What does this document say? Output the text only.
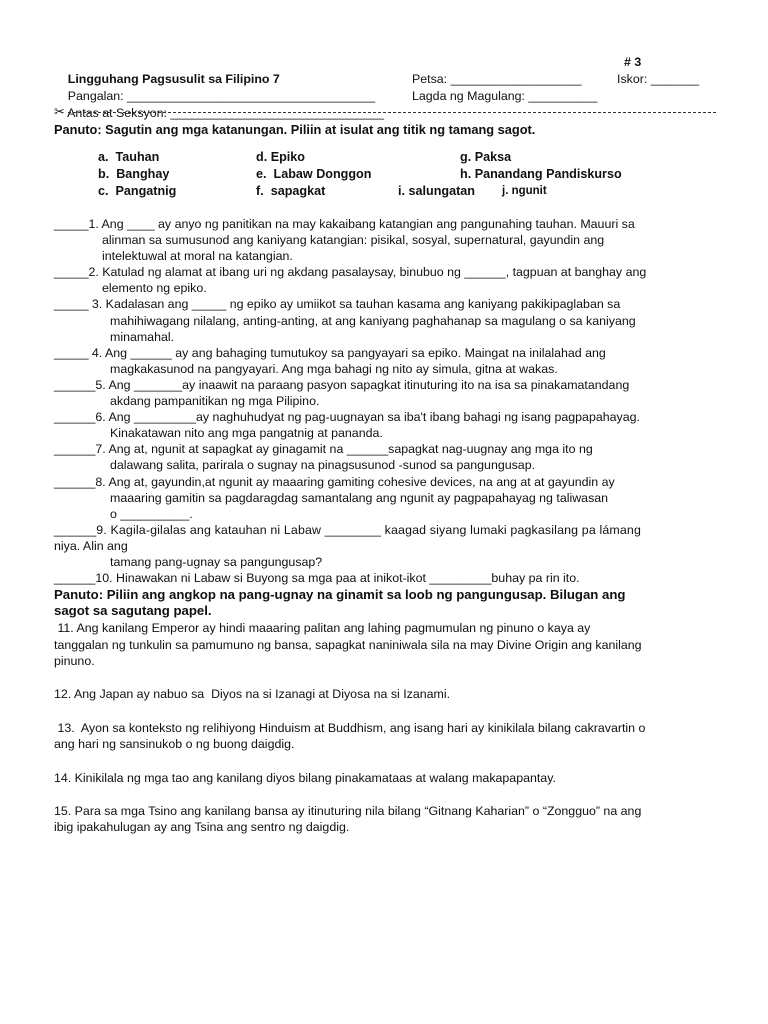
Lingguhang Pagsusulit sa Filipino 7

# 3

Pangalan: ____________________________________

Petsa: ___________________

	Iskor: _______

Antas at Seksyon: _______________________________

Lagda ng Magulang: __________

✂
Panuto: Sagutin ang mga katanungan. Piliin at isulat ang titik ng tamang sagot.
a.  Tauhan
b.  Banghay
c.  Pangatnig
d. Epiko
e.  Labaw Donggon
f.  sapagkat
g. Paksa
h. Panandang Pandiskurso
i. salungatan j. ngunit
_____1. Ang ____ ay anyo ng panitikan na may kakaibang katangian ang pangunahing tauhan. Mauuri sa
alinman sa sumusunod ang kaniyang katangian: pisikal, sosyal, supernatural, gayundin ang
intelektuwal at moral na katangian.
_____2. Katulad ng alamat at ibang uri ng akdang pasalaysay, binubuo ng ______, tagpuan at banghay ang
elemento ng epiko.
_____ 3. Kadalasan ang _____ ng epiko ay umiikot sa tauhan kasama ang kaniyang pakikipaglaban sa
mahihiwagang nilalang, anting-anting, at ang kaniyang paghahanap sa magulang o sa kaniyang
minamahal.
_____ 4. Ang ______ ay ang bahaging tumutukoy sa pangyayari sa epiko. Maingat na inilalahad ang
magkakasunod na pangyayari. Ang mga bahagi ng nito ay simula, gitna at wakas.
______5. Ang _______ay inaawit na paraang pasyon sapagkat itinuturing ito na isa sa pinakamatandang
akdang pampanitikan ng mga Pilipino.
______6. Ang _________ay naghuhudyat ng pag-uugnayan sa iba't ibang bahagi ng isang pagpapahayag.
Kinakatawan nito ang mga pangatnig at pananda.
______7. Ang at, ngunit at sapagkat ay ginagamit na ______sapagkat nag-uugnay ang mga ito ng
dalawang salita, parirala o sugnay na pinagsusunod -sunod sa pangungusap.
______8. Ang at, gayundin,at ngunit ay maaaring gamiting cohesive devices, na ang at at gayundin ay
maaaring gamitin sa pagdaragdag samantalang ang ngunit ay pagpapahayag ng taliwasan
o __________.
______9. Kagila-gilalas ang katauhan ni Labaw ________ kaagad siyang lumaki pagkasilang pa lámang
niya. Alin ang
tamang pang-ugnay sa pangungusap?
______10. Hinawakan ni Labaw si Buyong sa mga paa at inikot-ikot _________buhay pa rin ito.
Panuto: Piliin ang angkop na pang-ugnay na ginamit sa loob ng pangungusap. Bilugan ang
sagot sa sagutang papel.
11. Ang kanilang Emperor ay hindi maaaring palitan ang lahing pagmumulan ng pinuno o kaya ay
tanggalan ng tunkulin sa pamumuno ng bansa, sapagkat naniniwala sila na may Divine Origin ang kanilang
pinuno.
12. Ang Japan ay nabuo sa  Diyos na si Izanagi at Diyosa na si Izanami.
13.  Ayon sa konteksto ng relihiyong Hinduism at Buddhism, ang isang hari ay kinikilala bilang cakravartin o
ang hari ng sansinukob o ng buong daigdig.
14. Kinikilala ng mga tao ang kanilang diyos bilang pinakamataas at walang makapapantay.
15. Para sa mga Tsino ang kanilang bansa ay itinuturing nila bilang “Gitnang Kaharian” o “Zongguo” na ang
ibig ipakahulugan ay ang Tsina ang sentro ng daigdig.
